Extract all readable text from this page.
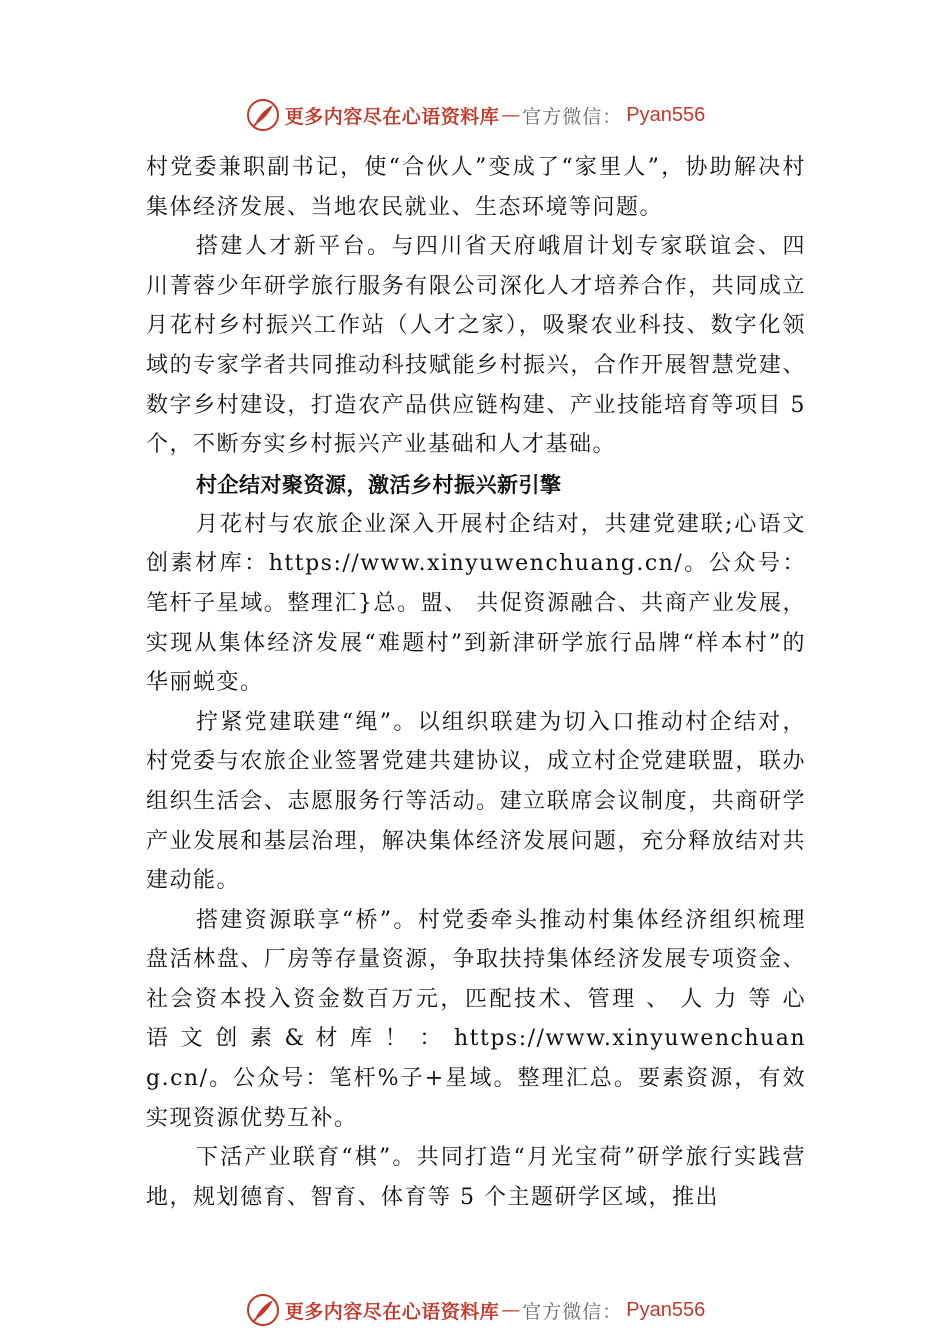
更多内容尽在心语资料库 — 官方微信： Pyan556

村党委兼职副书记，使“合伙人”变成了“家里人”，协助解决村集体经济发展、当地农民就业、生态环境等问题。

搭建人才新平台。与四川省天府峨眉计划专家联谊会、四川菁蓉少年研学旅行服务有限公司深化人才培养合作，共同成立月花村乡村振兴工作站（人才之家），吸聚农业科技、数字化领域的专家学者共同推动科技赋能乡村振兴，合作开展智慧党建、数字乡村建设，打造农产品供应链构建、产业技能培育等项目 5 个，不断夯实乡村振兴产业基础和人才基础。

村企结对聚资源，激活乡村振兴新引擎

月花村与农旅企业深入开展村企结对，共建党建联;心语文创素材库：https://www.xinyuwenchuang.cn/。公众号：笔杆子星域。整理汇}总。盟、 共促资源融合、共商产业发展，实现从集体经济发展“难题村”到新津研学旅行品牌“样本村”的华丽蜕变。

拧紧党建联建“绳”。以组织联建为切入口推动村企结对，村党委与农旅企业签署党建共建协议，成立村企党建联盟，联办组织生活会、志愿服务行等活动。建立联席会议制度，共商研学产业发展和基层治理，解决集体经济发展问题，充分释放结对共建动能。

搭建资源联享“桥”。村党委牵头推动村集体经济组织梳理盘活林盘、厂房等存量资源，争取扶持集体经济发展专项资金、社会资本投入资金数百万元，匹配技术、管理 、 人 力 等 心 语 文 创 素 & 材 库 ！ ： https://www.xinyuwenchuang.cn/。公众号：笔杆%子+星域。整理汇总。要素资源，有效实现资源优势互补。

下活产业联育“棋”。共同打造“月光宝荷”研学旅行实践营地，规划德育、智育、体育等 5 个主题研学区域，推出

更多内容尽在心语资料库 — 官方微信： Pyan556
